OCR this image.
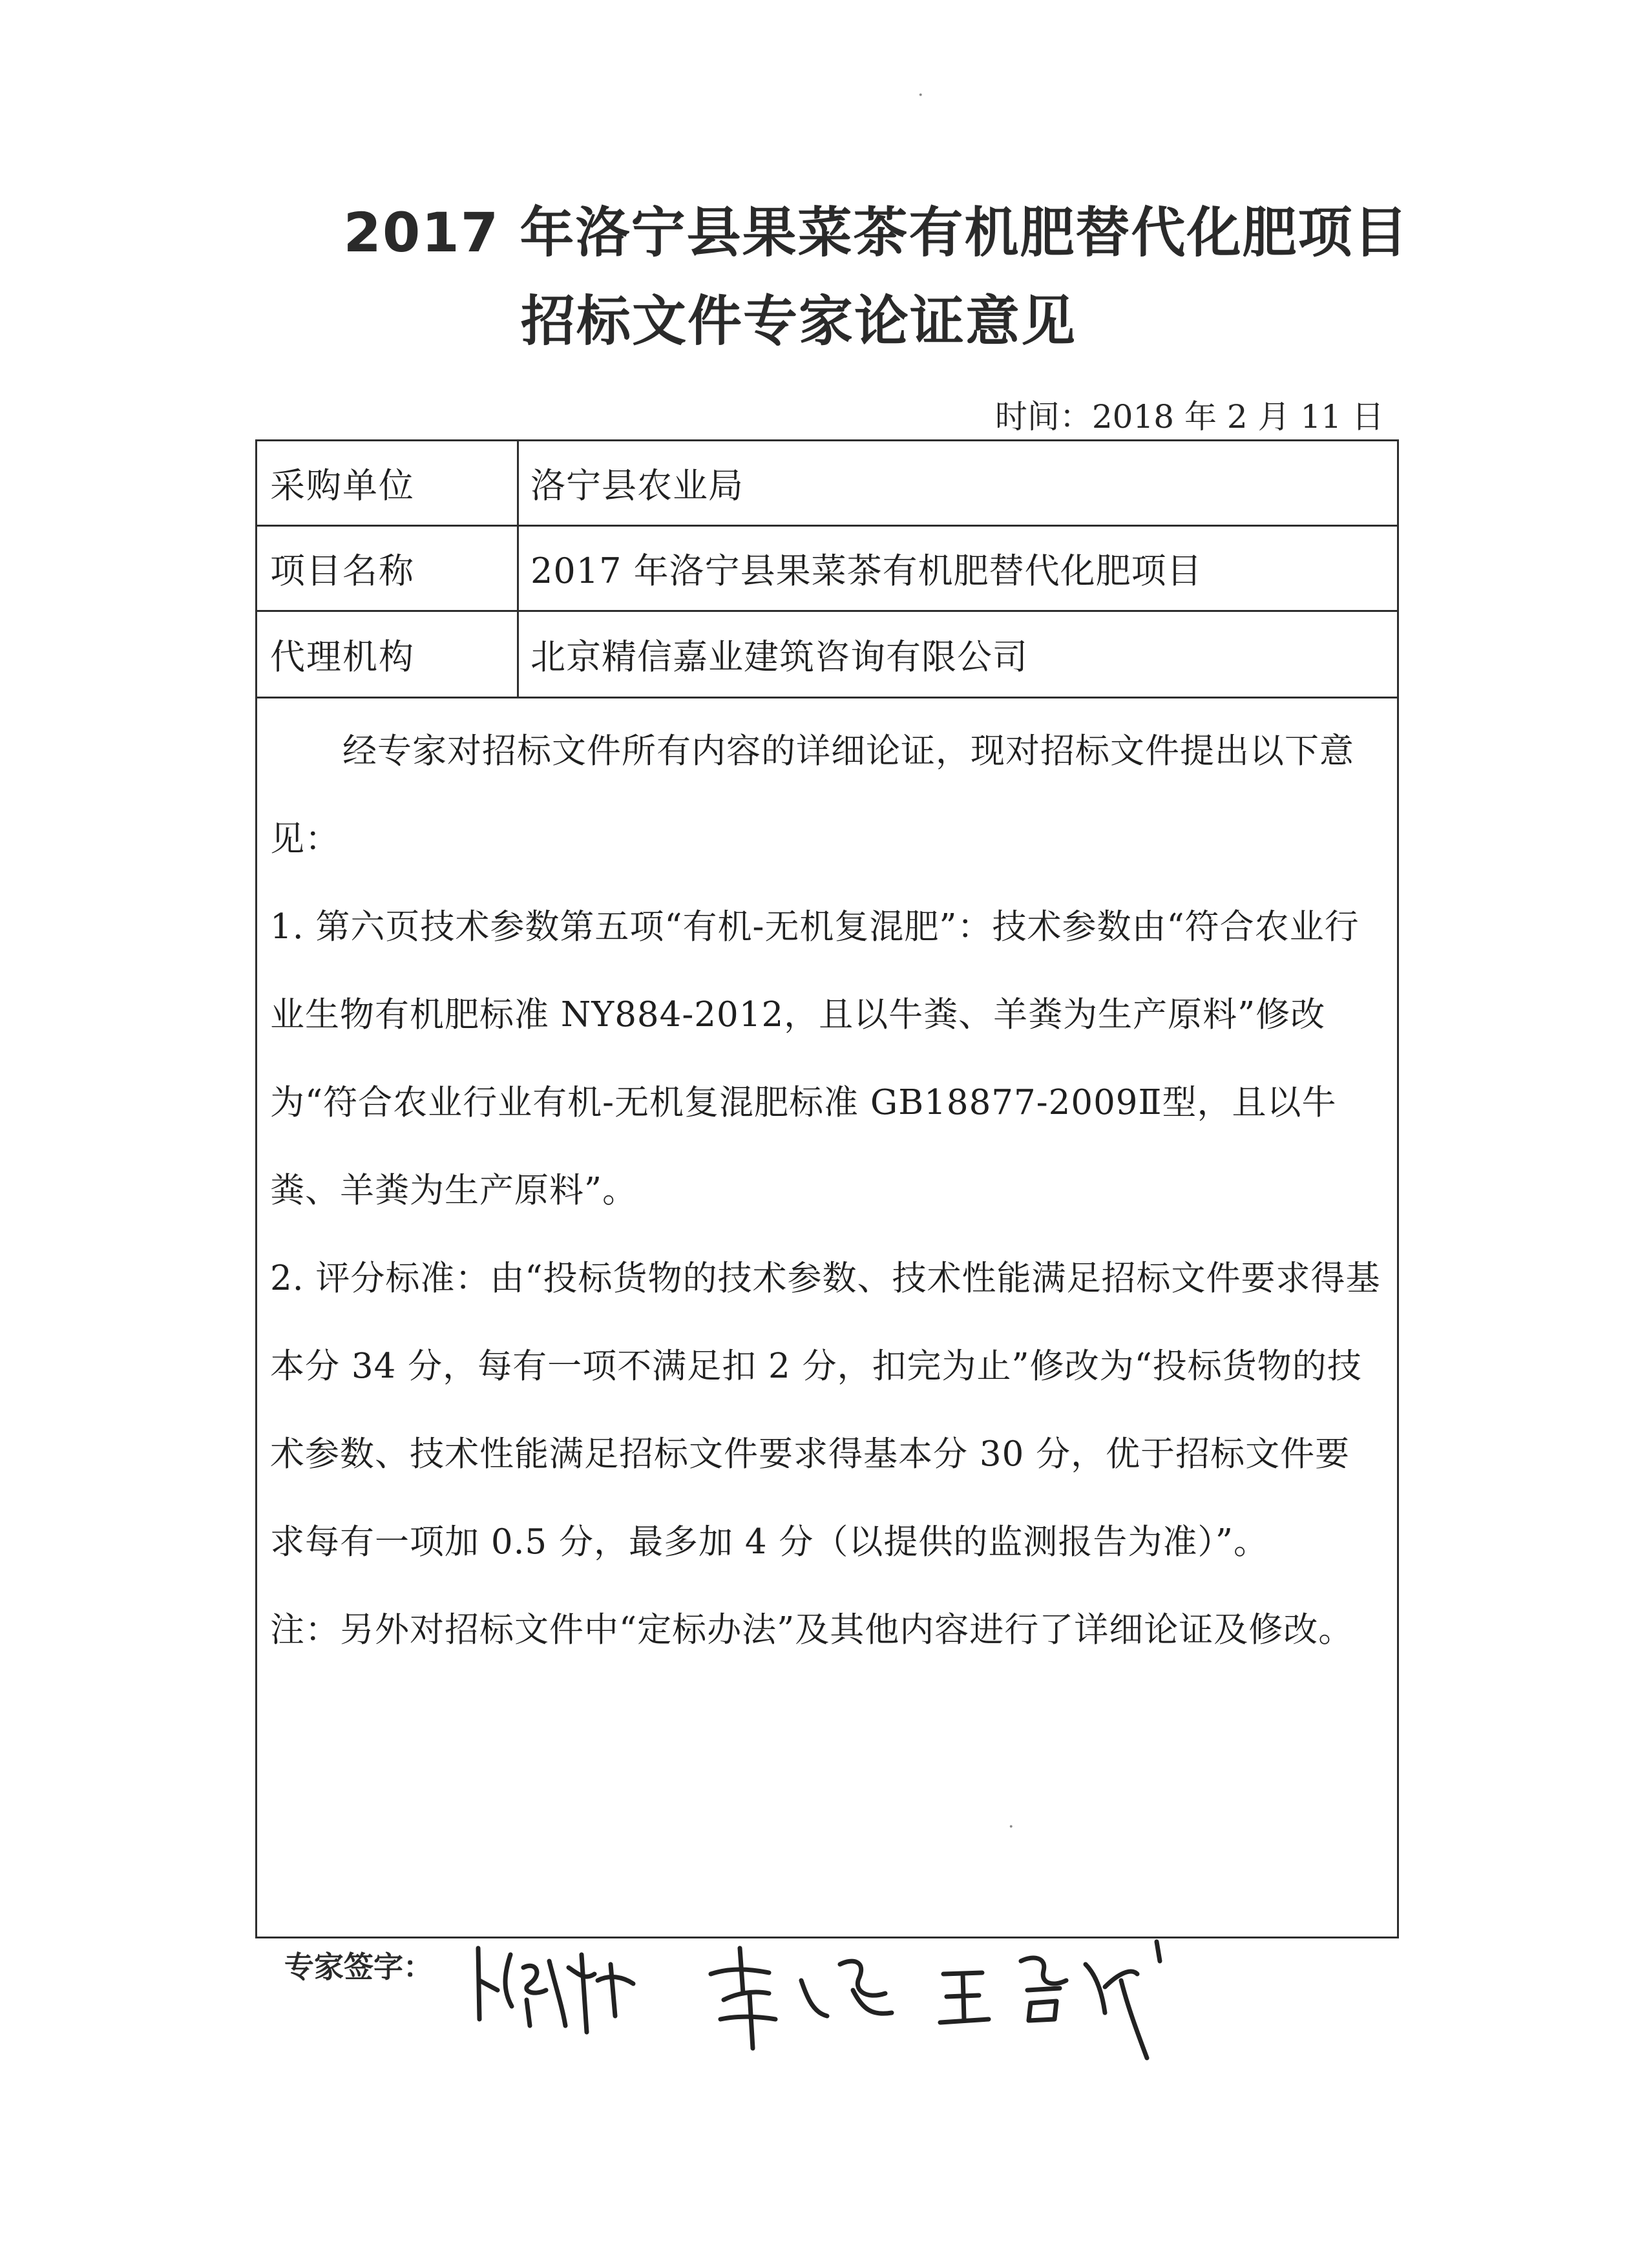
2017 年洛宁县果菜茶有机肥替代化肥项目
招标文件专家论证意见
时间：2018 年 2 月 11 日
采购单位	洛宁县农业局
项目名称	2017 年洛宁县果菜茶有机肥替代化肥项目
代理机构	北京精信嘉业建筑咨询有限公司

经专家对招标文件所有内容的详细论证，现对招标文件提出以下意见：

1. 第六页技术参数第五项“有机-无机复混肥”：技术参数由“符合农业行业生物有机肥标准 NY884-2012，且以牛粪、羊粪为生产原料”修改为“符合农业行业有机-无机复混肥标准 GB18877-2009Ⅱ型，且以牛粪、羊粪为生产原料”。

2. 评分标准：由“投标货物的技术参数、技术性能满足招标文件要求得基本分 34 分，每有一项不满足扣 2 分，扣完为止”修改为“投标货物的技术参数、技术性能满足招标文件要求得基本分 30 分，优于招标文件要求每有一项加 0.5 分，最多加 4 分（以提供的监测报告为准）”。

注：另外对招标文件中“定标办法”及其他内容进行了详细论证及修改。

专家签字：
·
·
